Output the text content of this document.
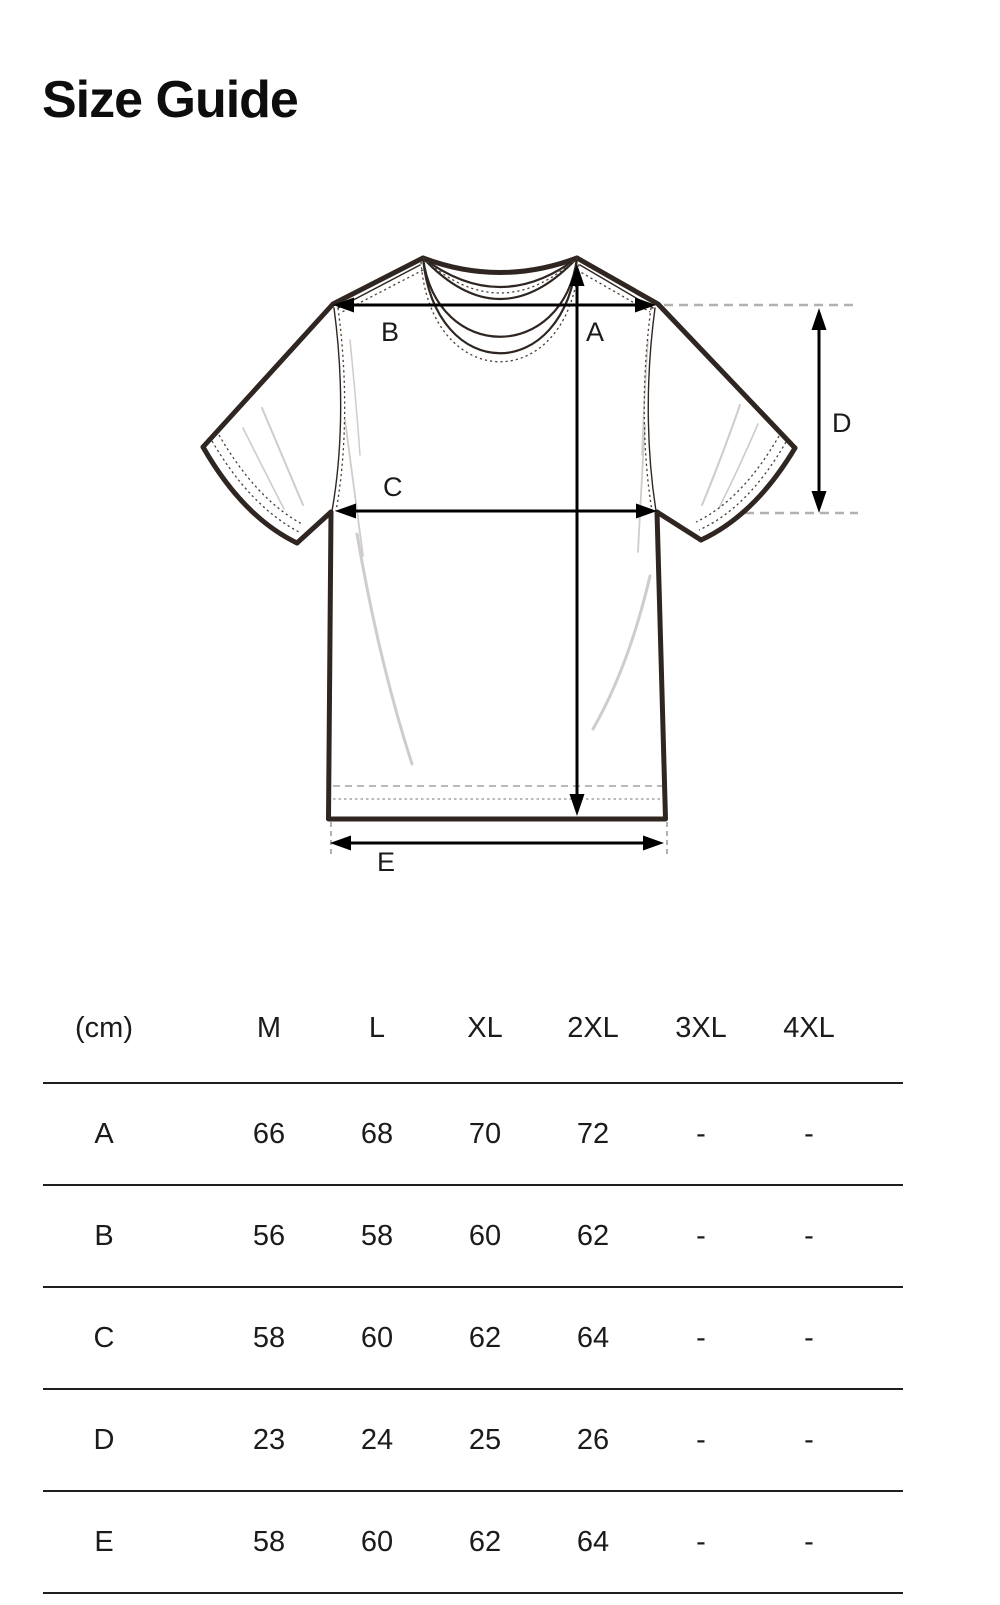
Size Guide
B	A
C
D
E
(cm)	M	L	XL	2XL	3XL	4XL
A	66	68	70	72	-	-
B	56	58	60	62	-	-
C	58	60	62	64	-	-
D	23	24	25	26	-	-
E	58	60	62	64	-	-
